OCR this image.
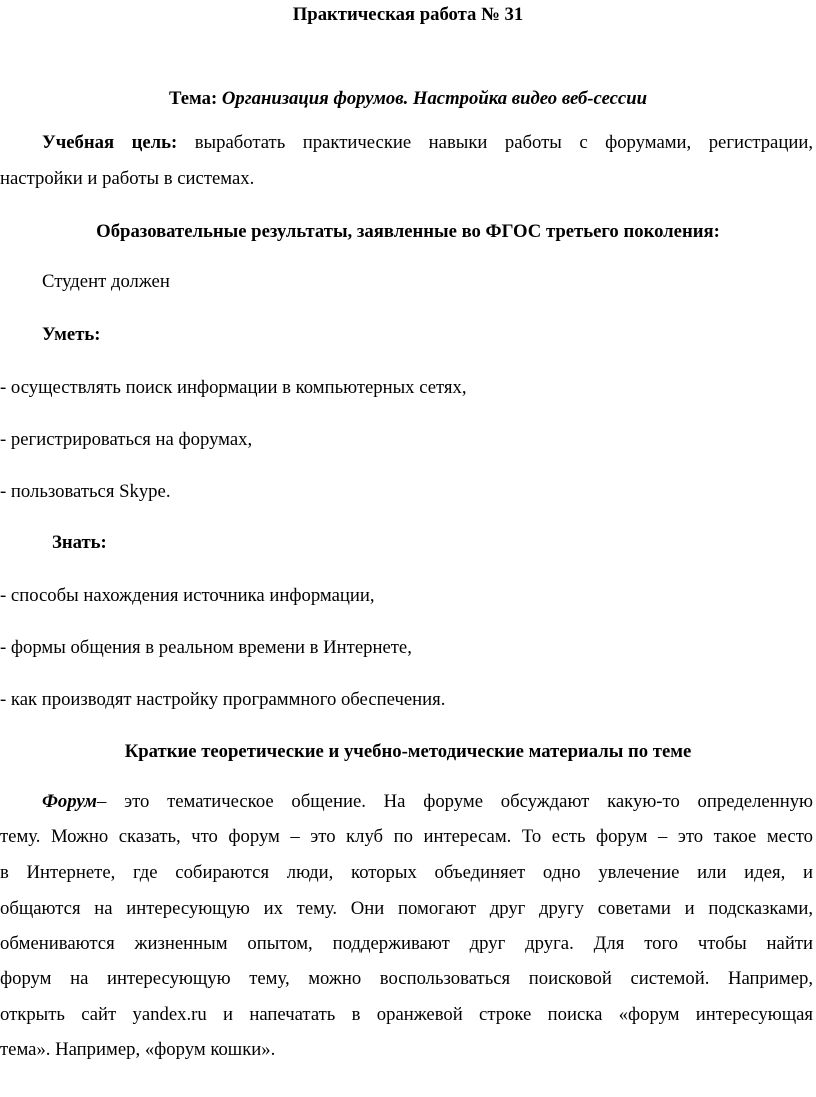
Практическая работа № 31
Тема: Организация форумов. Настройка видео веб-сессии
Учебная цель: выработать практические навыки работы с форумами, регистрации,
настройки и работы в системах.
Образовательные результаты, заявленные во ФГОС третьего поколения:
Студент должен
Уметь:
- осуществлять поиск информации в компьютерных сетях,
- регистрироваться на форумах,
- пользоваться Skype.
Знать:
- способы нахождения источника информации,
- формы общения в реальном времени в Интернете,
- как производят настройку программного обеспечения.
Краткие теоретические и учебно-методические материалы по теме
Форум– это тематическое общение. На форуме обсуждают какую-то определенную
тему. Можно сказать, что форум – это клуб по интересам. То есть форум – это такое место
в Интернете, где собираются люди, которых объединяет одно увлечение или идея, и
общаются на интересующую их тему. Они помогают друг другу советами и подсказками,
обмениваются жизненным опытом, поддерживают друг друга. Для того чтобы найти
форум на интересующую тему, можно воспользоваться поисковой системой. Например,
открыть сайт yandex.ru и напечатать в оранжевой строке поиска «форум интересующая
тема». Например, «форум кошки».
